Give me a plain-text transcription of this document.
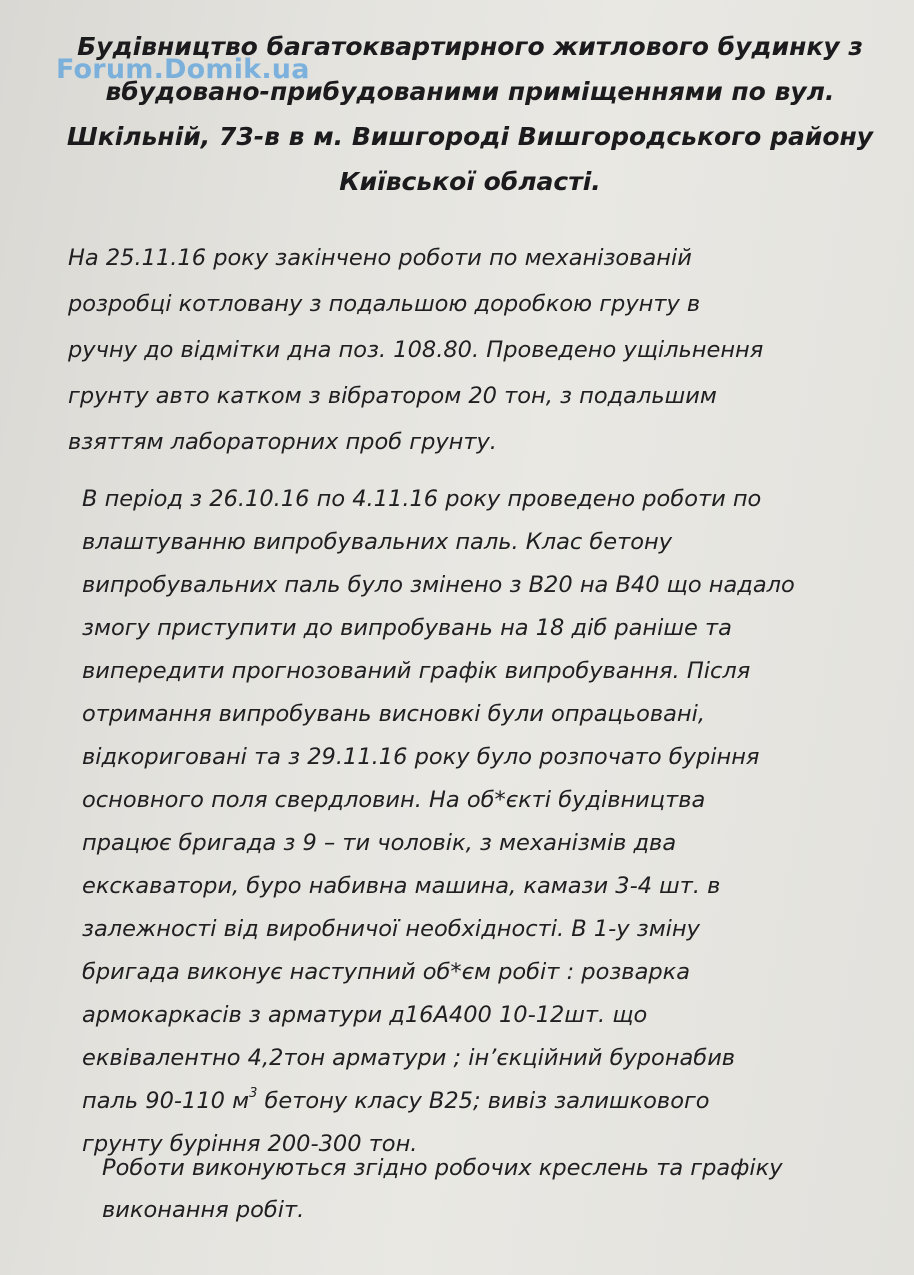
Будівництво багатоквартирного житлового будинку з
вбудовано-прибудованими приміщеннями по вул.
Шкільній, 73-в в м. Вишгороді Вишгородського району
Київської області.
Forum.Domik.ua

На 25.11.16 року закінчено роботи по механізованій
розробці котловану з подальшою доробкою грунту в
ручну до відмітки дна поз. 108.80. Проведено ущільнення
грунту авто катком з вібратором 20 тон, з подальшим
взяттям лабораторних проб грунту.

В період з 26.10.16 по 4.11.16 року проведено роботи по
влаштуванню випробувальних паль. Клас бетону
випробувальних паль було змінено з В20 на В40 що надало
змогу приступити до випробувань на 18 діб раніше та
випередити прогнозований графік випробування. Після
отримання випробувань висновкі були опрацьовані,
відкориговані та з 29.11.16 року було розпочато буріння
основного поля свердловин. На об*єкті будівництва
працює бригада з 9 – ти чоловік, з механізмів два
екскаватори, буро набивна машина, камази 3-4 шт. в
залежності від виробничої необхідності. В 1-у зміну
бригада виконує наступний об*єм робіт : розварка
армокаркасів з арматури д16А400 10-12шт. що
еквівалентно 4,2тон арматури ; ін’єкційний буронабив
паль 90-110 $м^3$ бетону класу В25; вивіз залишкового
грунту буріння 200-300 тон.

Роботи виконуються згідно робочих креслень та графіку
виконання робіт.
